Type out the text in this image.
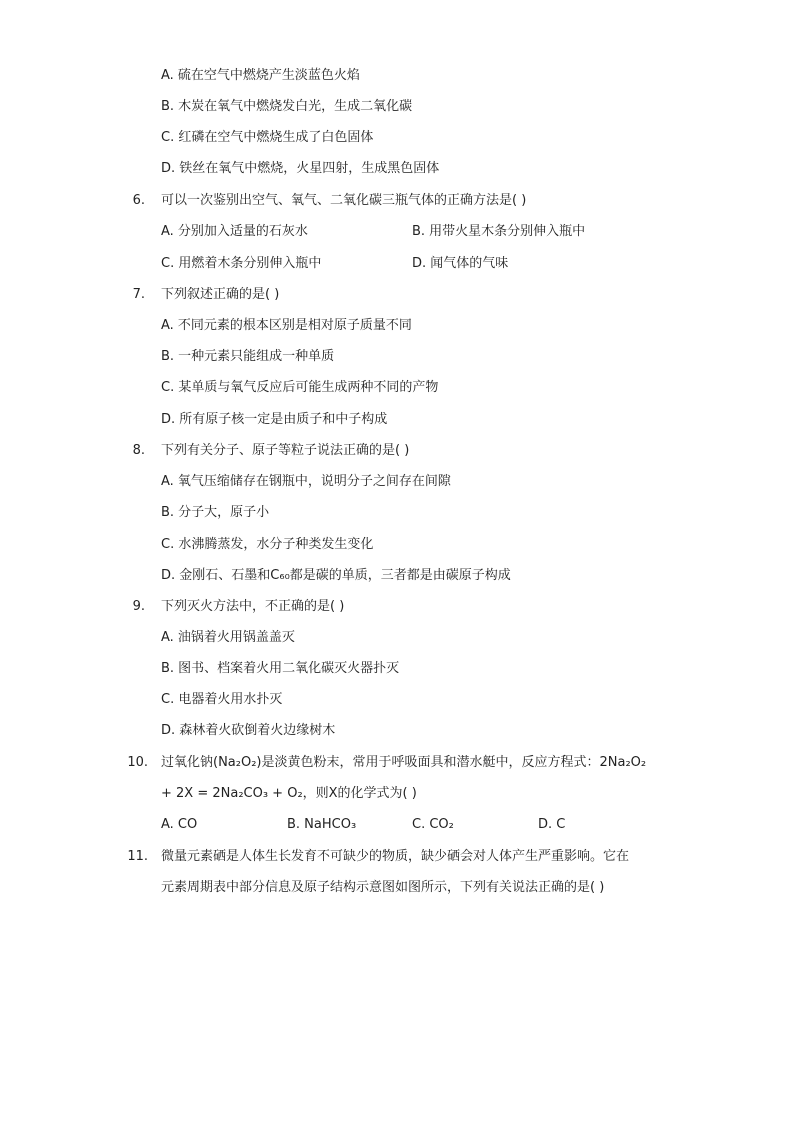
A. 硫在空气中燃烧产生淡蓝色火焰
B. 木炭在氧气中燃烧发白光，生成二氧化碳
C. 红磷在空气中燃烧生成了白色固体
D. 铁丝在氧气中燃烧，火星四射，生成黑色固体
6. 可以一次鉴别出空气、氧气、二氧化碳三瓶气体的正确方法是( )
A. 分别加入适量的石灰水	B. 用带火星木条分别伸入瓶中
C. 用燃着木条分别伸入瓶中	D. 闻气体的气味
7. 下列叙述正确的是( )
A. 不同元素的根本区别是相对原子质量不同
B. 一种元素只能组成一种单质
C. 某单质与氧气反应后可能生成两种不同的产物
D. 所有原子核一定是由质子和中子构成
8. 下列有关分子、原子等粒子说法正确的是( )
A. 氧气压缩储存在钢瓶中，说明分子之间存在间隙
B. 分子大，原子小
C. 水沸腾蒸发，水分子种类发生变化
D. 金刚石、石墨和C₆₀都是碳的单质，三者都是由碳原子构成
9. 下列灭火方法中，不正确的是( )
A. 油锅着火用锅盖盖灭
B. 图书、档案着火用二氧化碳灭火器扑灭
C. 电器着火用水扑灭
D. 森林着火砍倒着火边缘树木
10. 过氧化钠(Na₂O₂)是淡黄色粉末，常用于呼吸面具和潜水艇中，反应方程式：2Na₂O₂
+ 2X = 2Na₂CO₃ + O₂，则X的化学式为( )
A. CO	B. NaHCO₃	C. CO₂	D. C
11. 微量元素硒是人体生长发育不可缺少的物质，缺少硒会对人体产生严重影响。它在
元素周期表中部分信息及原子结构示意图如图所示，下列有关说法正确的是( )
